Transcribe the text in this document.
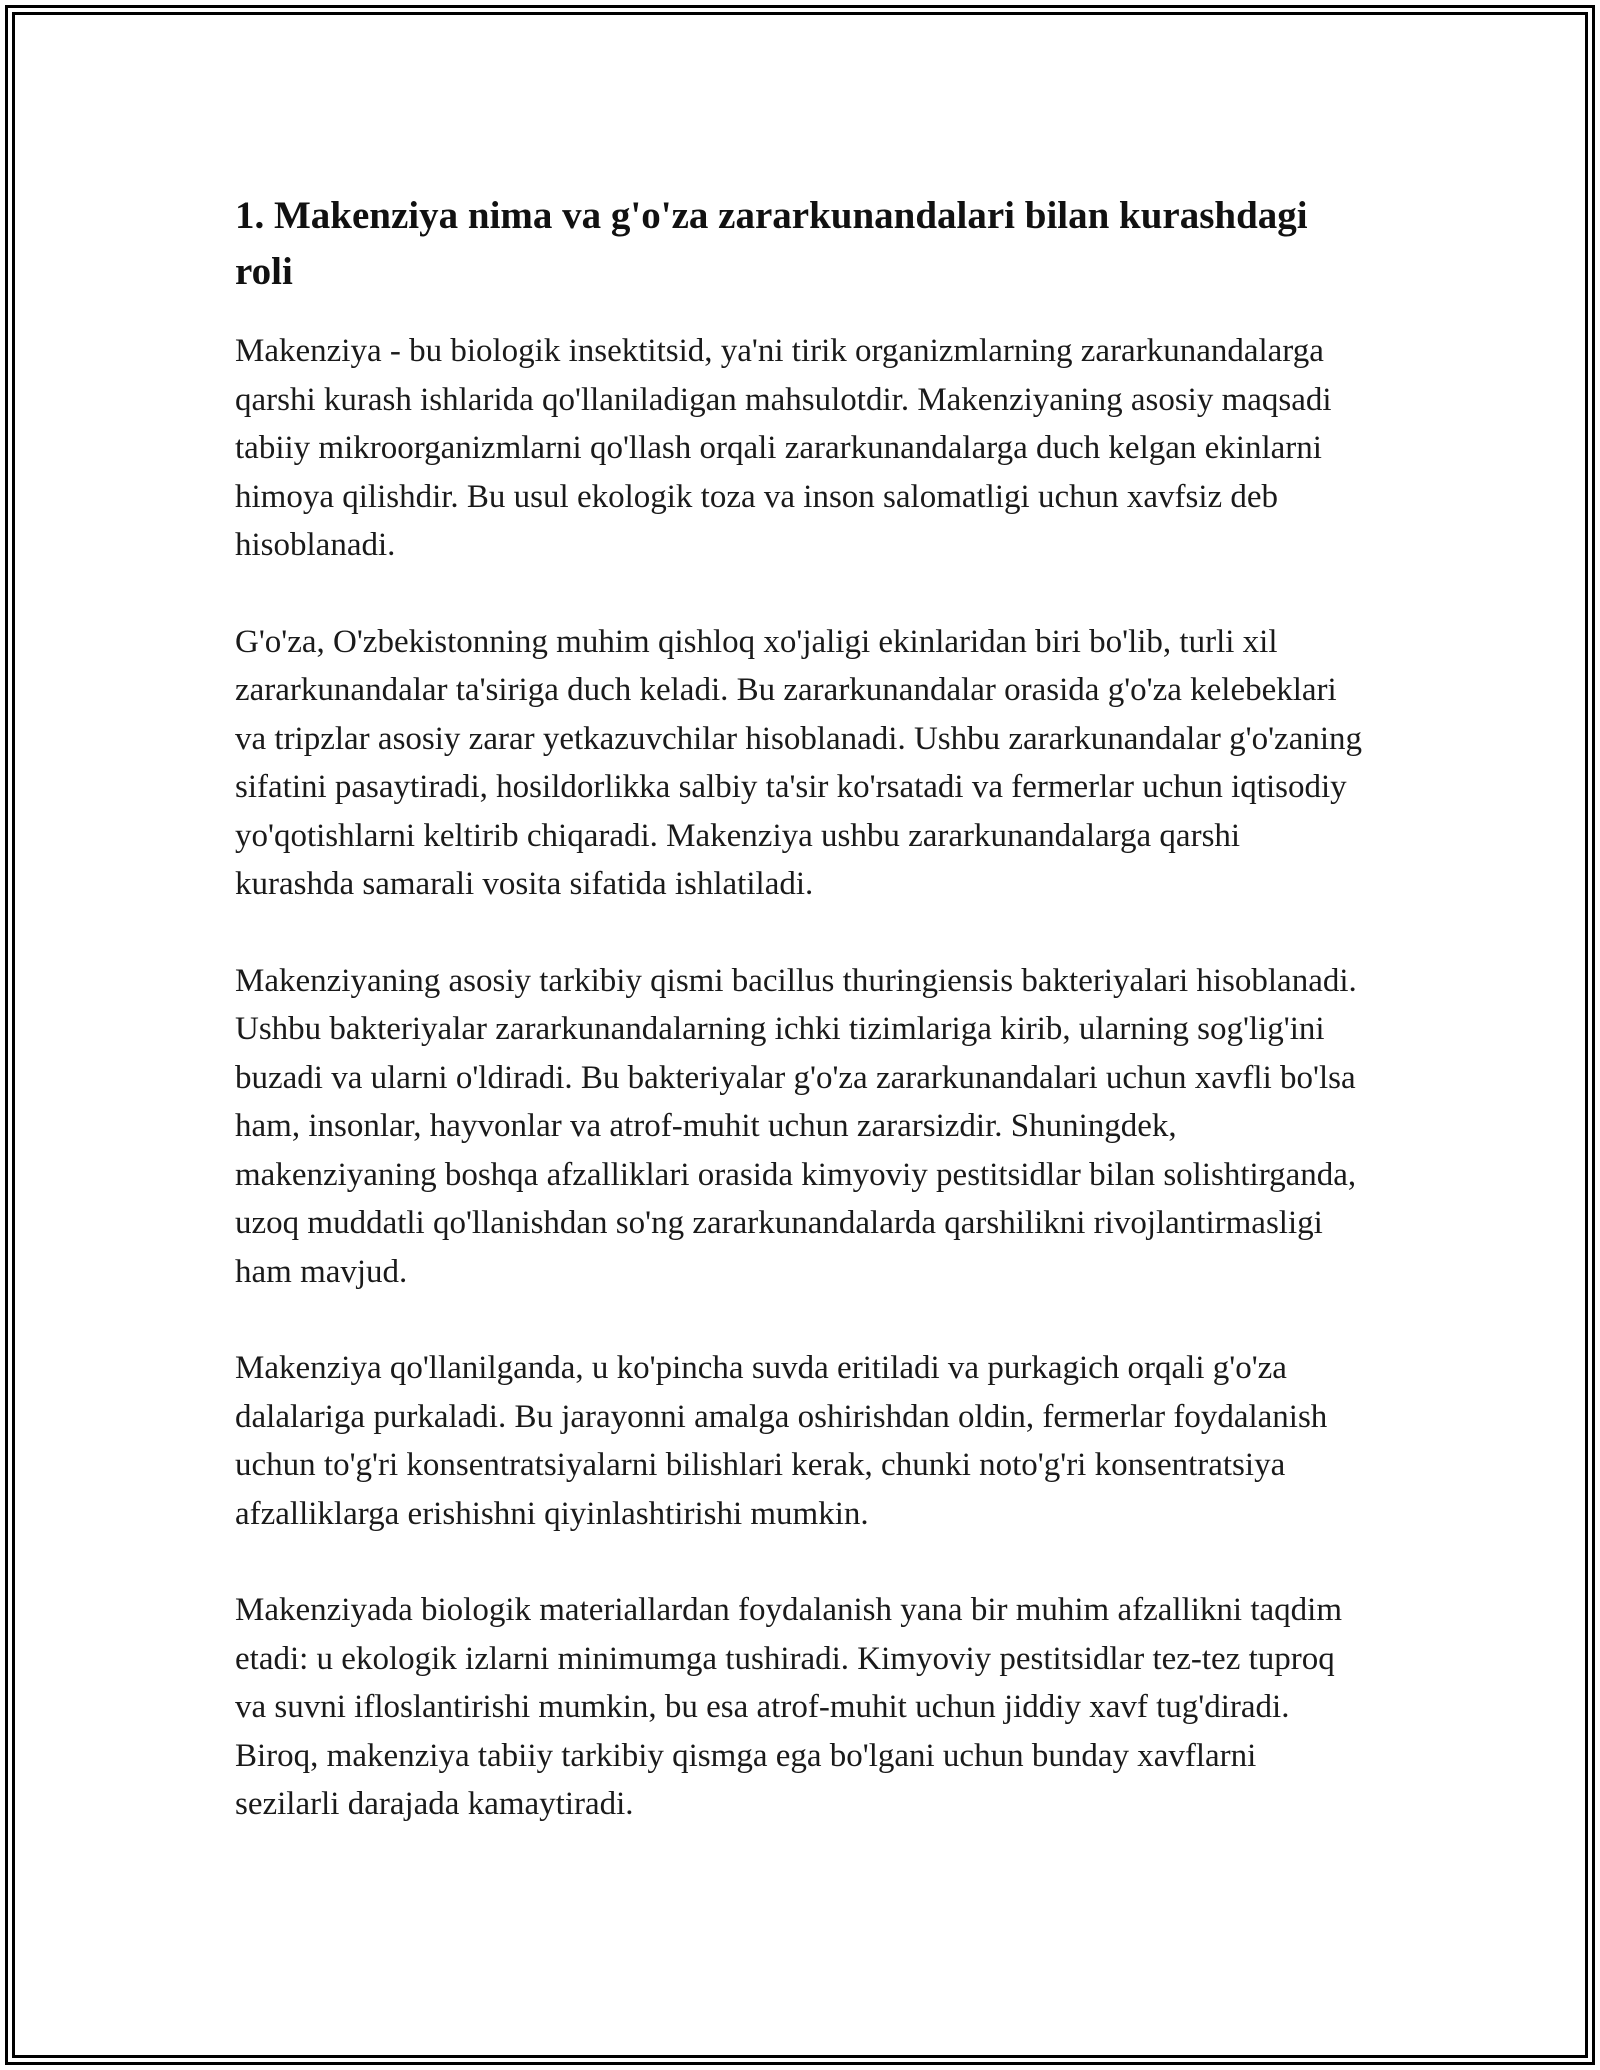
1. Makenziya nima va g'o'za zararkunandalari bilan kurashdagi roli

Makenziya - bu biologik insektitsid, ya'ni tirik organizmlarning zararkunandalarga qarshi kurash ishlarida qo'llaniladigan mahsulotdir. Makenziyaning asosiy maqsadi tabiiy mikroorganizmlarni qo'llash orqali zararkunandalarga duch kelgan ekinlarni himoya qilishdir. Bu usul ekologik toza va inson salomatligi uchun xavfsiz deb hisoblanadi.

G'o'za, O'zbekistonning muhim qishloq xo'jaligi ekinlaridan biri bo'lib, turli xil zararkunandalar ta'siriga duch keladi. Bu zararkunandalar orasida g'o'za kelebeklari va tripzlar asosiy zarar yetkazuvchilar hisoblanadi. Ushbu zararkunandalar g'o'zaning sifatini pasaytiradi, hosildorlikka salbiy ta'sir ko'rsatadi va fermerlar uchun iqtisodiy yo'qotishlarni keltirib chiqaradi. Makenziya ushbu zararkunandalarga qarshi kurashda samarali vosita sifatida ishlatiladi.

Makenziyaning asosiy tarkibiy qismi bacillus thuringiensis bakteriyalari hisoblanadi. Ushbu bakteriyalar zararkunandalarning ichki tizimlariga kirib, ularning sog'lig'ini buzadi va ularni o'ldiradi. Bu bakteriyalar g'o'za zararkunandalari uchun xavfli bo'lsa ham, insonlar, hayvonlar va atrof-muhit uchun zararsizdir. Shuningdek, makenziyaning boshqa afzalliklari orasida kimyoviy pestitsidlar bilan solishtirganda, uzoq muddatli qo'llanishdan so'ng zararkunandalarda qarshilikni rivojlantirmasligi ham mavjud.

Makenziya qo'llanilganda, u ko'pincha suvda eritiladi va purkagich orqali g'o'za dalalariga purkaladi. Bu jarayonni amalga oshirishdan oldin, fermerlar foydalanish uchun to'g'ri konsentratsiyalarni bilishlari kerak, chunki noto'g'ri konsentratsiya afzalliklarga erishishni qiyinlashtirishi mumkin.

Makenziyada biologik materiallardan foydalanish yana bir muhim afzallikni taqdim etadi: u ekologik izlarni minimumga tushiradi. Kimyoviy pestitsidlar tez-tez tuproq va suvni ifloslantirishi mumkin, bu esa atrof-muhit uchun jiddiy xavf tug'diradi. Biroq, makenziya tabiiy tarkibiy qismga ega bo'lgani uchun bunday xavflarni sezilarli darajada kamaytiradi.
